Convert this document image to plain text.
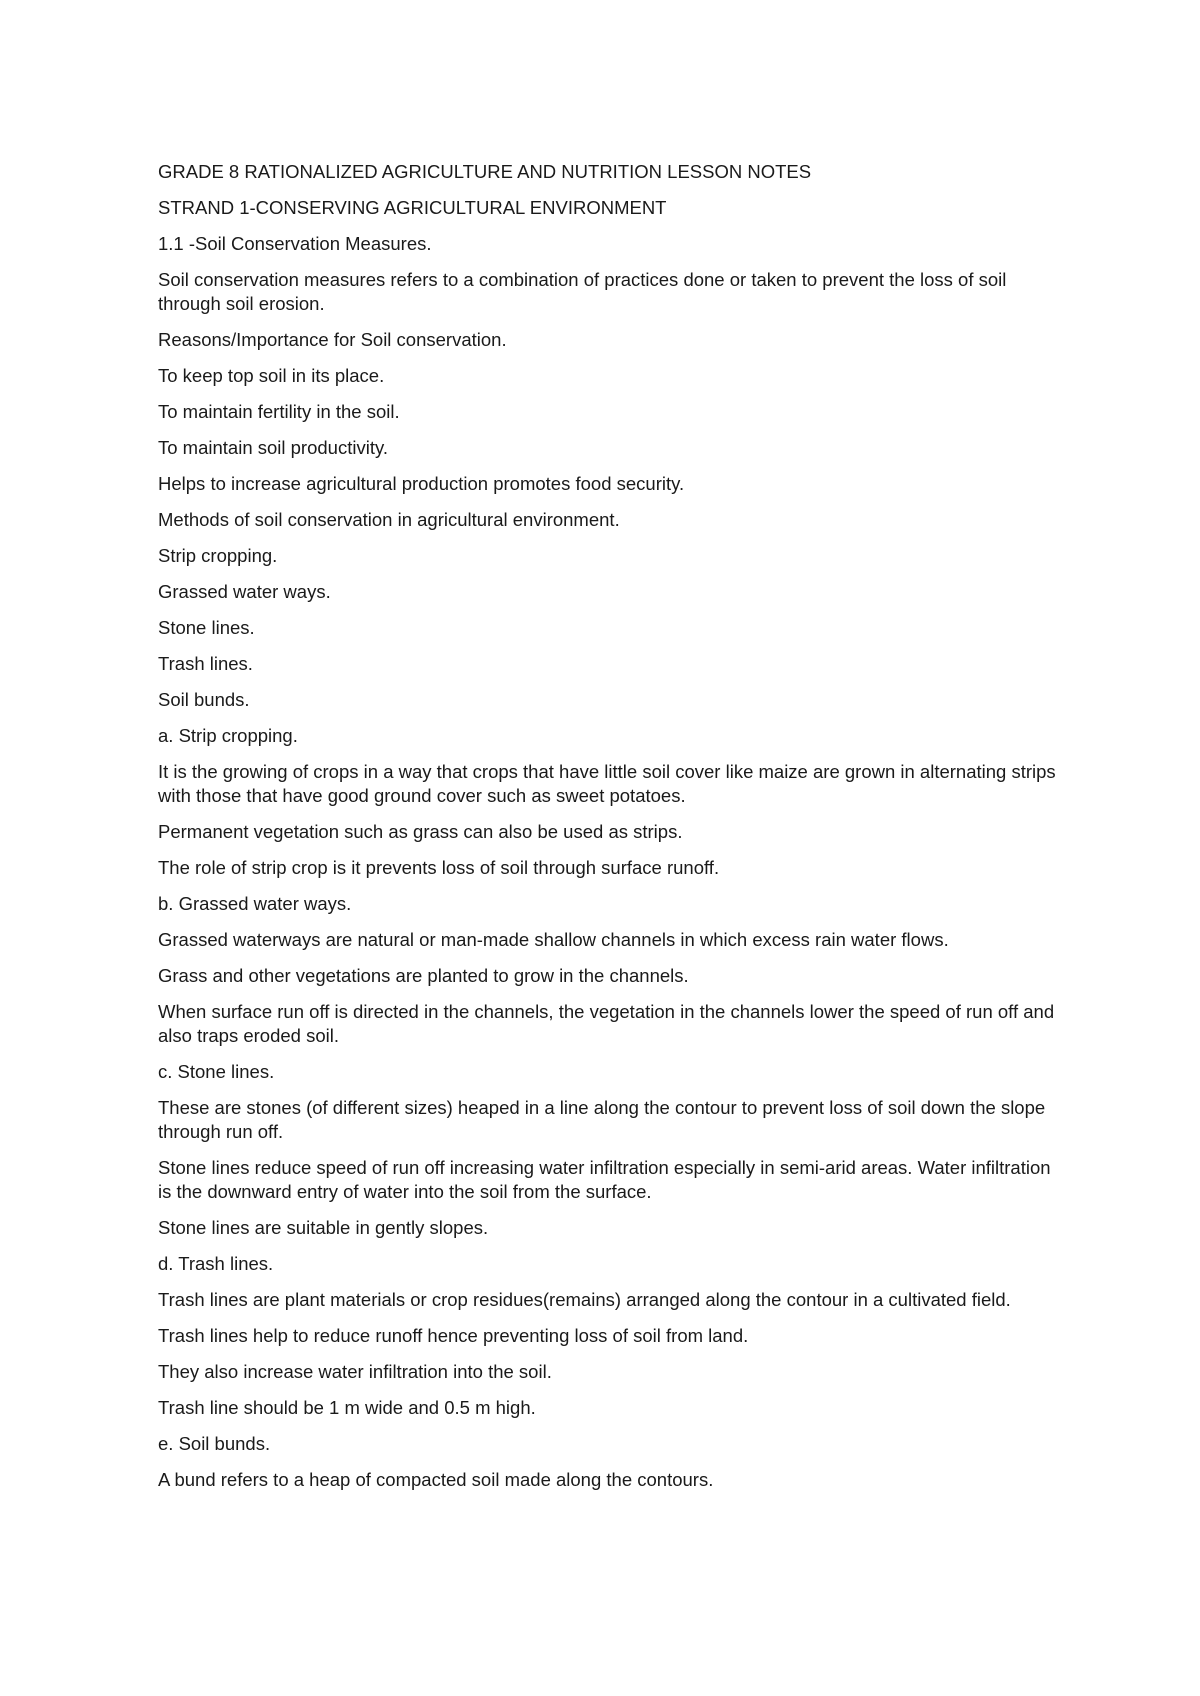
GRADE 8 RATIONALIZED AGRICULTURE AND NUTRITION LESSON NOTES

STRAND 1-CONSERVING AGRICULTURAL ENVIRONMENT

1.1 -Soil Conservation Measures.

Soil conservation measures refers to a combination of practices done or taken to prevent the loss of soil through soil erosion.

Reasons/Importance for Soil conservation.

To keep top soil in its place.

To maintain fertility in the soil.

To maintain soil productivity.

Helps to increase agricultural production promotes food security.

Methods of soil conservation in agricultural environment.

Strip cropping.

Grassed water ways.

Stone lines.

Trash lines.

Soil bunds.

a. Strip cropping.

It is the growing of crops in a way that crops that have little soil cover like maize are grown in alternating strips with those that have good ground cover such as sweet potatoes.

Permanent vegetation such as grass can also be used as strips.

The role of strip crop is it prevents loss of soil through surface runoff.

b. Grassed water ways.

Grassed waterways are natural or man-made shallow channels in which excess rain water flows.

Grass and other vegetations are planted to grow in the channels.

When surface run off is directed in the channels, the vegetation in the channels lower the speed of run off and also traps eroded soil.

c. Stone lines.

These are stones (of different sizes) heaped in a line along the contour to prevent loss of soil down the slope through run off.

Stone lines reduce speed of run off increasing water infiltration especially in semi-arid areas. Water infiltration is the downward entry of water into the soil from the surface.

Stone lines are suitable in gently slopes.

d. Trash lines.

Trash lines are plant materials or crop residues(remains) arranged along the contour in a cultivated field.

Trash lines help to reduce runoff hence preventing loss of soil from land.

They also increase water infiltration into the soil.

Trash line should be 1 m wide and 0.5 m high.

e. Soil bunds.

A bund refers to a heap of compacted soil made along the contours.
